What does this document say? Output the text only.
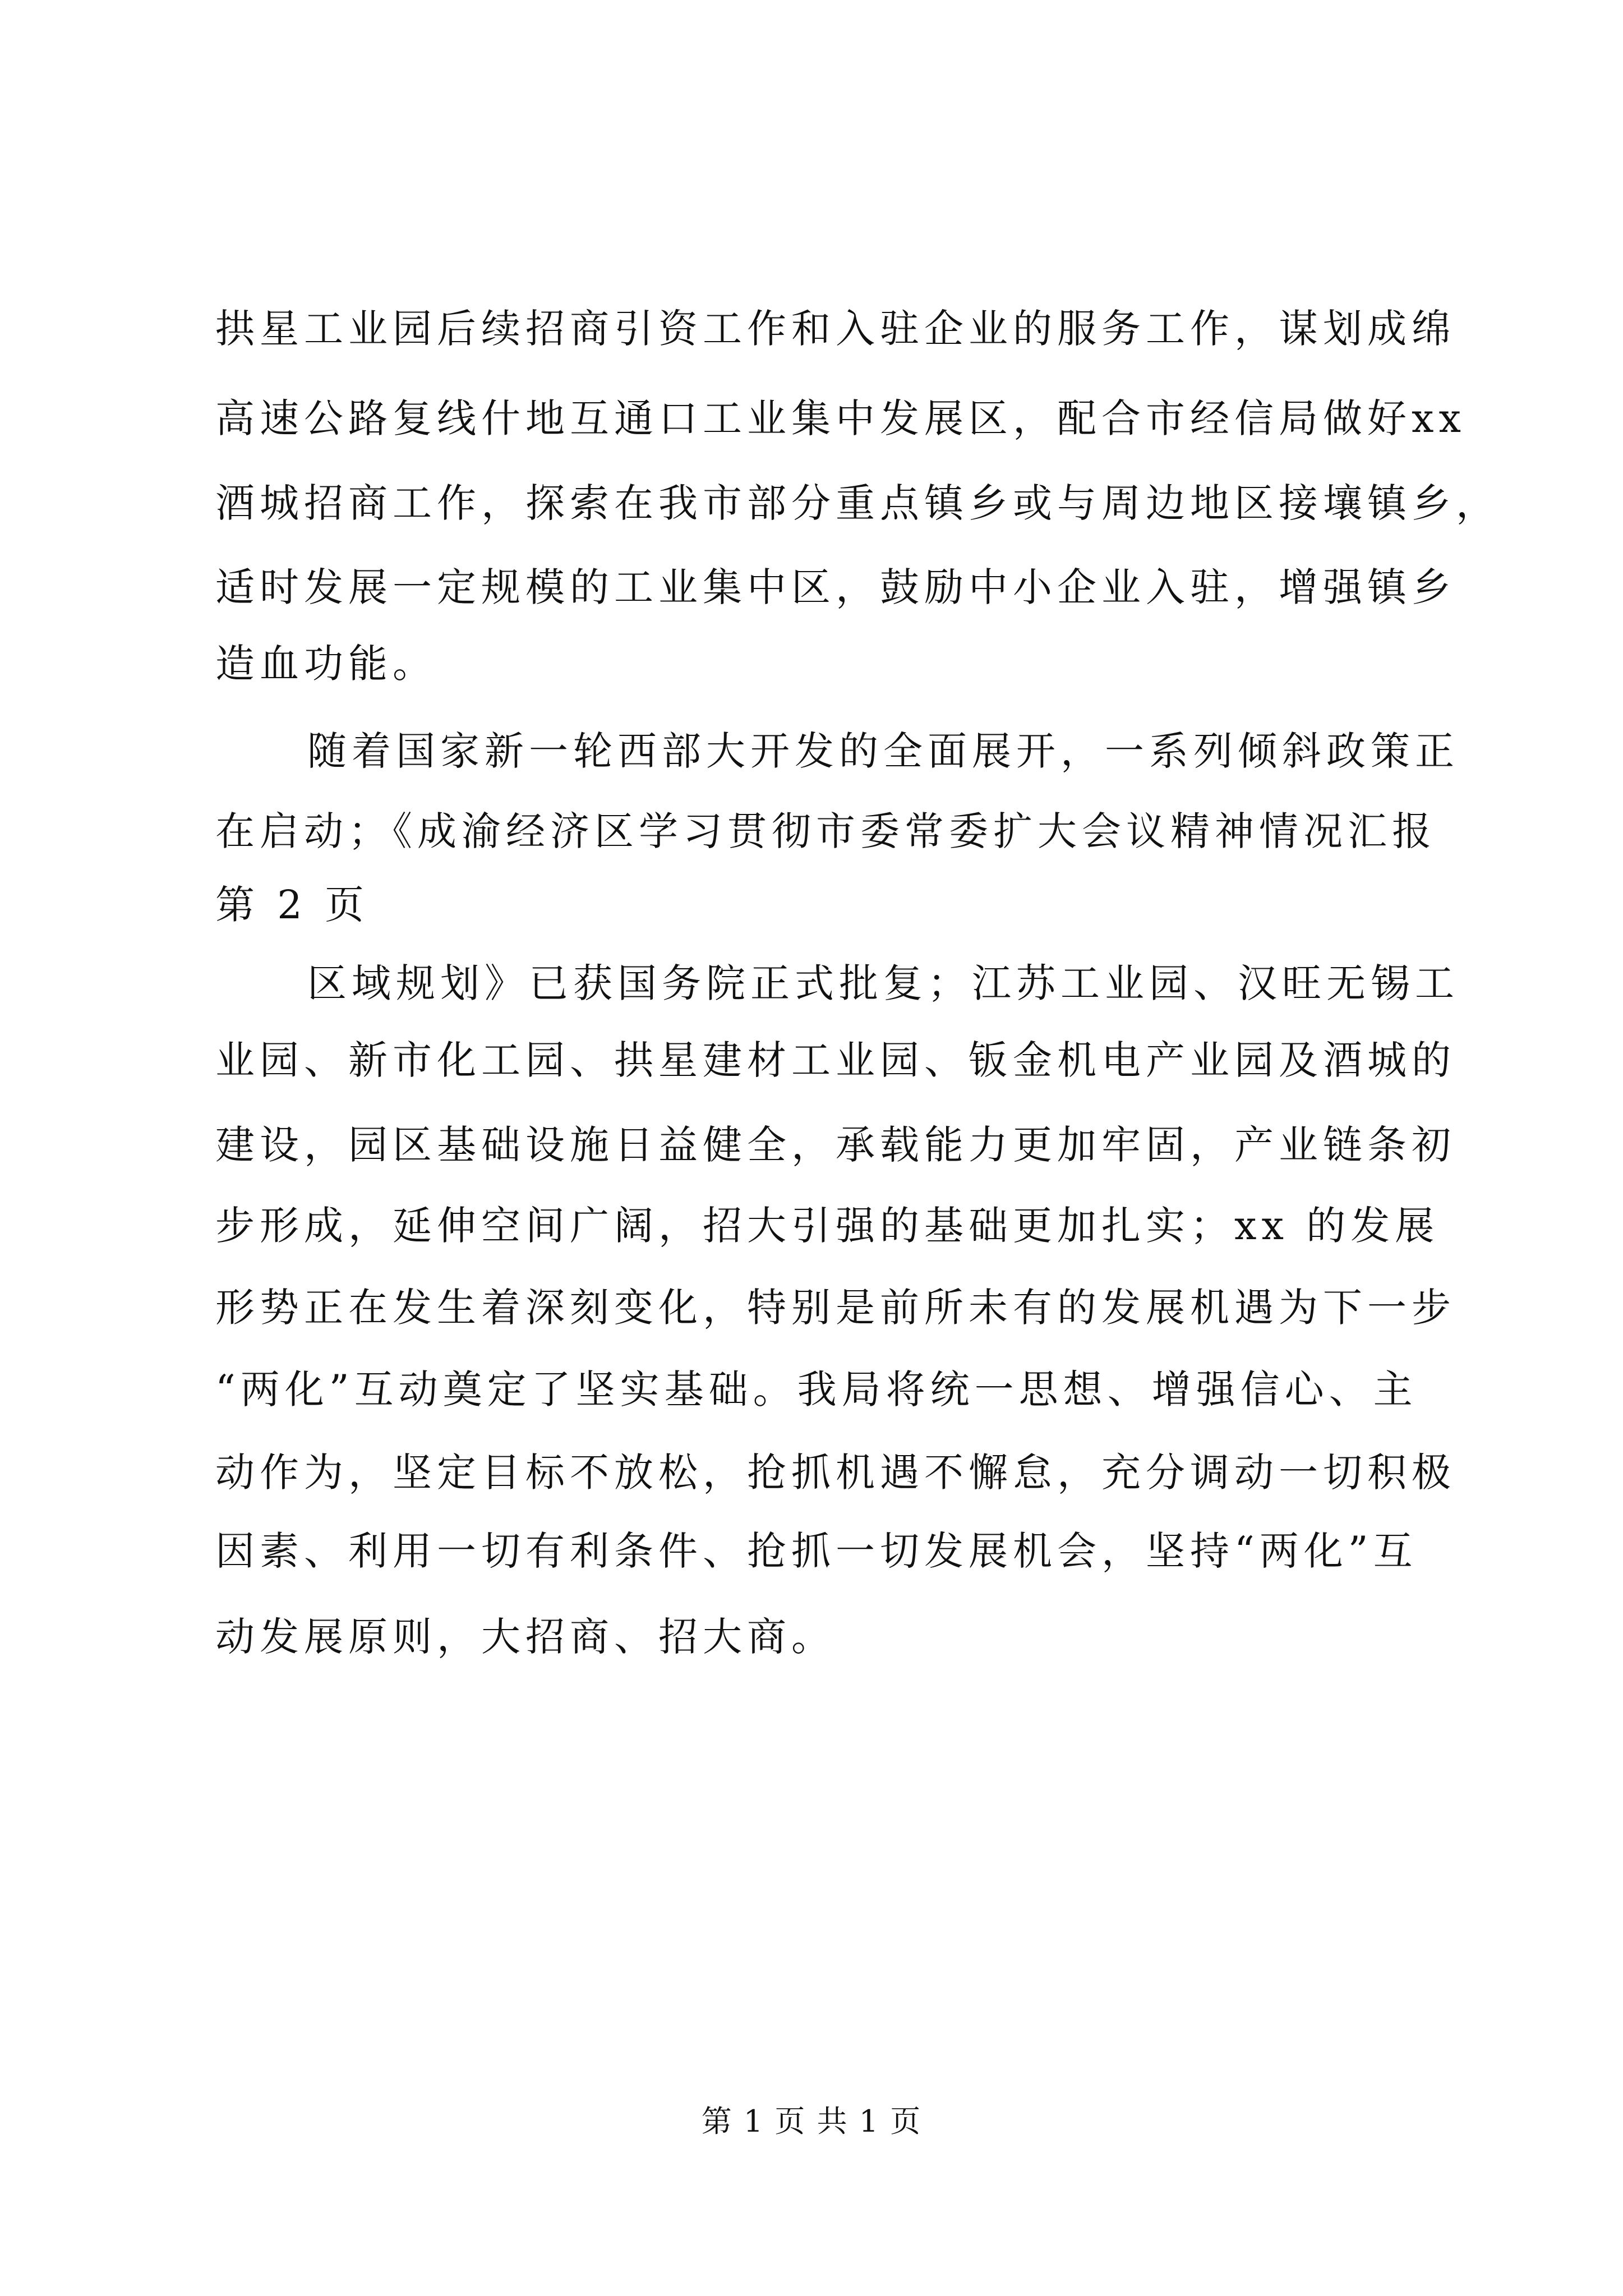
拱星工业园后续招商引资工作和入驻企业的服务工作，谋划成绵

高速公路复线什地互通口工业集中发展区，配合市经信局做好xx

酒城招商工作，探索在我市部分重点镇乡或与周边地区接壤镇乡，

适时发展一定规模的工业集中区，鼓励中小企业入驻，增强镇乡

造血功能。

随着国家新一轮西部大开发的全面展开，一系列倾斜政策正

在启动；《成渝经济区学习贯彻市委常委扩大会议精神情况汇报

第 2 页

区域规划》已获国务院正式批复；江苏工业园、汉旺无锡工

业园、新市化工园、拱星建材工业园、钣金机电产业园及酒城的

建设，园区基础设施日益健全，承载能力更加牢固，产业链条初

步形成，延伸空间广阔，招大引强的基础更加扎实；xx 的发展

形势正在发生着深刻变化，特别是前所未有的发展机遇为下一步

“两化”互动奠定了坚实基础。我局将统一思想、增强信心、主

动作为，坚定目标不放松，抢抓机遇不懈怠，充分调动一切积极

因素、利用一切有利条件、抢抓一切发展机会，坚持“两化”互

动发展原则，大招商、招大商。

第 1 页 共 1 页
